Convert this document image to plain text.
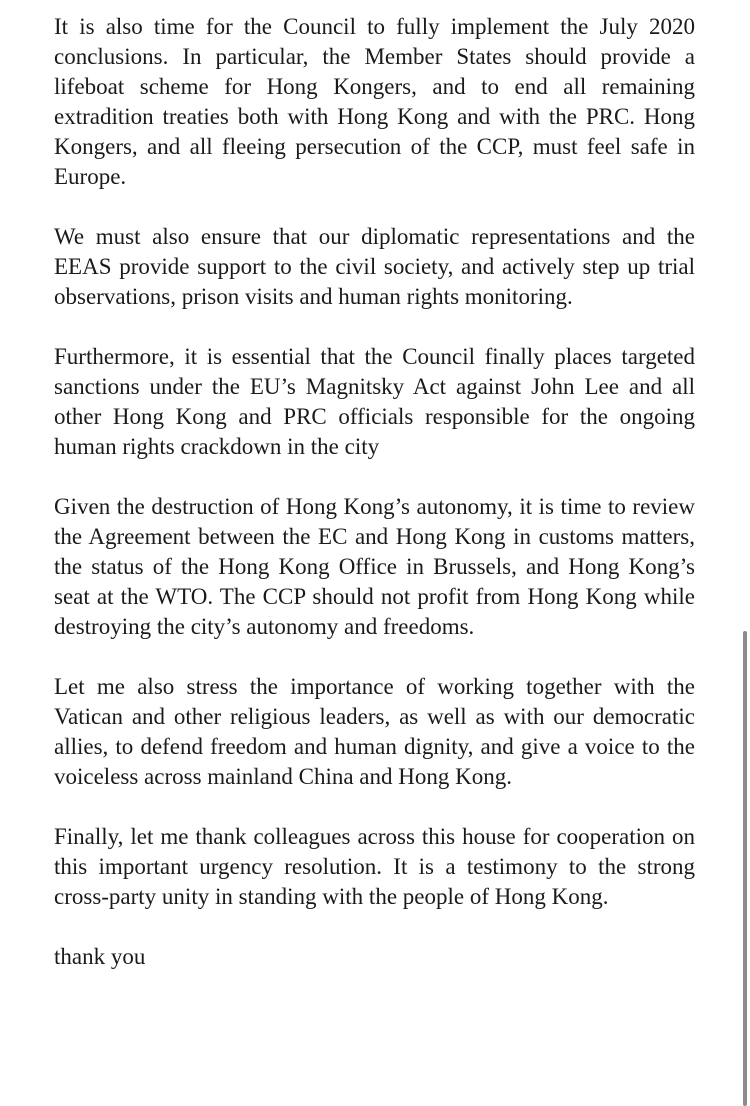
It is also time for the Council to fully implement the July 2020 conclusions. In particular, the Member States should provide a lifeboat scheme for Hong Kongers, and to end all remaining extradition treaties both with Hong Kong and with the PRC. Hong Kongers, and all fleeing persecution of the CCP, must feel safe in Europe.

We must also ensure that our diplomatic representations and the EEAS provide support to the civil society, and actively step up trial observations, prison visits and human rights monitoring.

Furthermore, it is essential that the Council finally places targeted sanctions under the EU’s Magnitsky Act against John Lee and all other Hong Kong and PRC officials responsible for the ongoing human rights crackdown in the city

Given the destruction of Hong Kong’s autonomy, it is time to review the Agreement between the EC and Hong Kong in customs matters, the status of the Hong Kong Office in Brussels, and Hong Kong’s seat at the WTO. The CCP should not profit from Hong Kong while destroying the city’s autonomy and freedoms.

Let me also stress the importance of working together with the Vatican and other religious leaders, as well as with our democratic allies, to defend freedom and human dignity, and give a voice to the voiceless across mainland China and Hong Kong.

Finally, let me thank colleagues across this house for cooperation on this important urgency resolution. It is a testimony to the strong cross-party unity in standing with the people of Hong Kong.

thank you
